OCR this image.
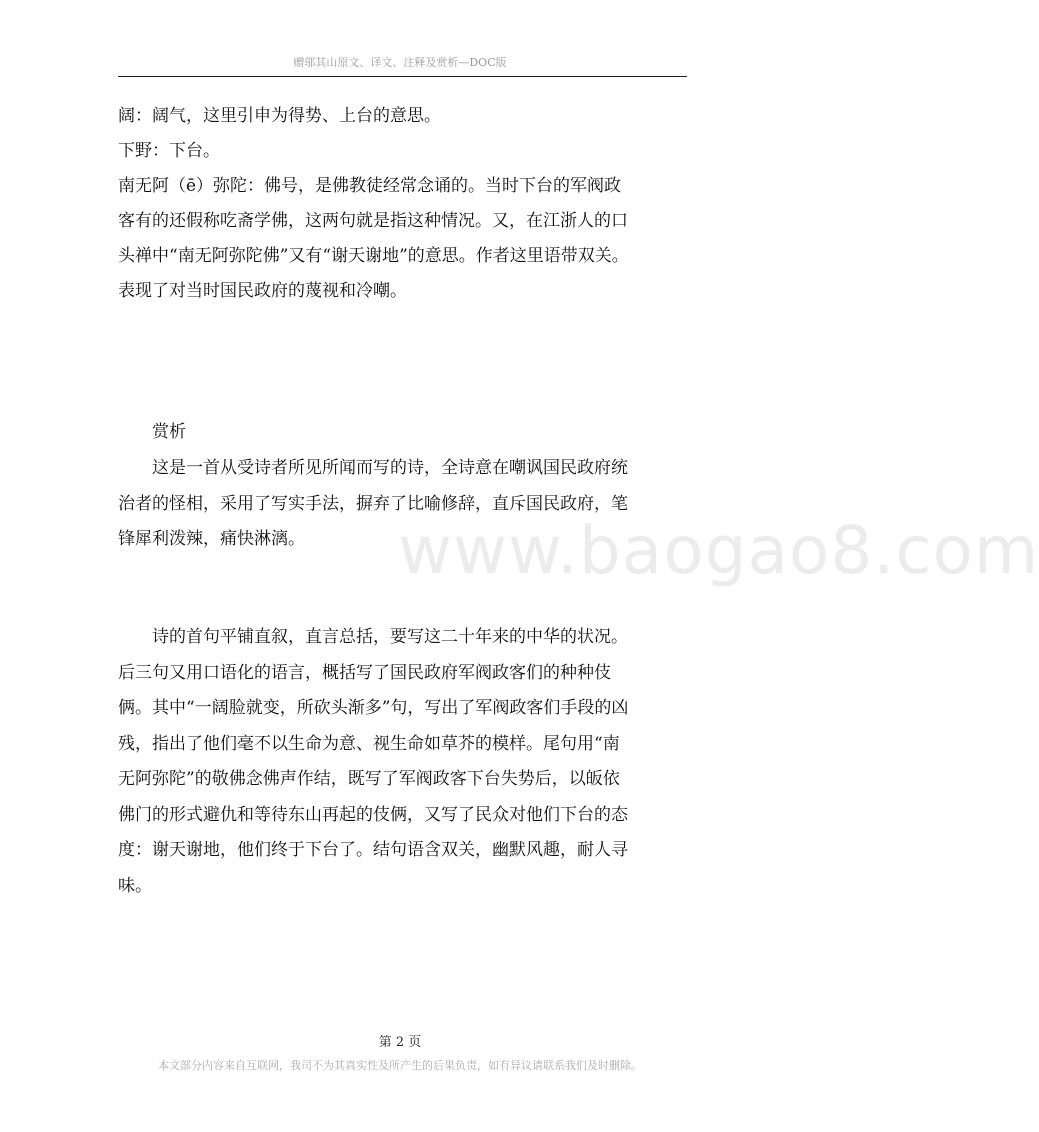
赠邬其山原文、译文、注释及赏析—DOC版

阔：阔气，这里引申为得势、上台的意思。

下野：下台。

南无阿（ē）弥陀：佛号，是佛教徒经常念诵的。当时下台的军阀政

客有的还假称吃斋学佛，这两句就是指这种情况。又，在江浙人的口

头禅中“南无阿弥陀佛”又有“谢天谢地”的意思。作者这里语带双关。

表现了对当时国民政府的蔑视和冷嘲。

赏析

这是一首从受诗者所见所闻而写的诗，全诗意在嘲讽国民政府统

治者的怪相，采用了写实手法，摒弃了比喻修辞，直斥国民政府，笔

锋犀利泼辣，痛快淋漓。

诗的首句平铺直叙，直言总括，要写这二十年来的中华的状况。

后三句又用口语化的语言，概括写了国民政府军阀政客们的种种伎

俩。其中“一阔脸就变，所砍头渐多”句，写出了军阀政客们手段的凶

残，指出了他们毫不以生命为意、视生命如草芥的模样。尾句用“南

无阿弥陀”的敬佛念佛声作结，既写了军阀政客下台失势后，以皈依

佛门的形式避仇和等待东山再起的伎俩，又写了民众对他们下台的态

度：谢天谢地，他们终于下台了。结句语含双关，幽默风趣，耐人寻

味。

www.baogao8.com
第 2 页
本文部分内容来自互联网，我司不为其真实性及所产生的后果负责，如有异议请联系我们及时删除。
